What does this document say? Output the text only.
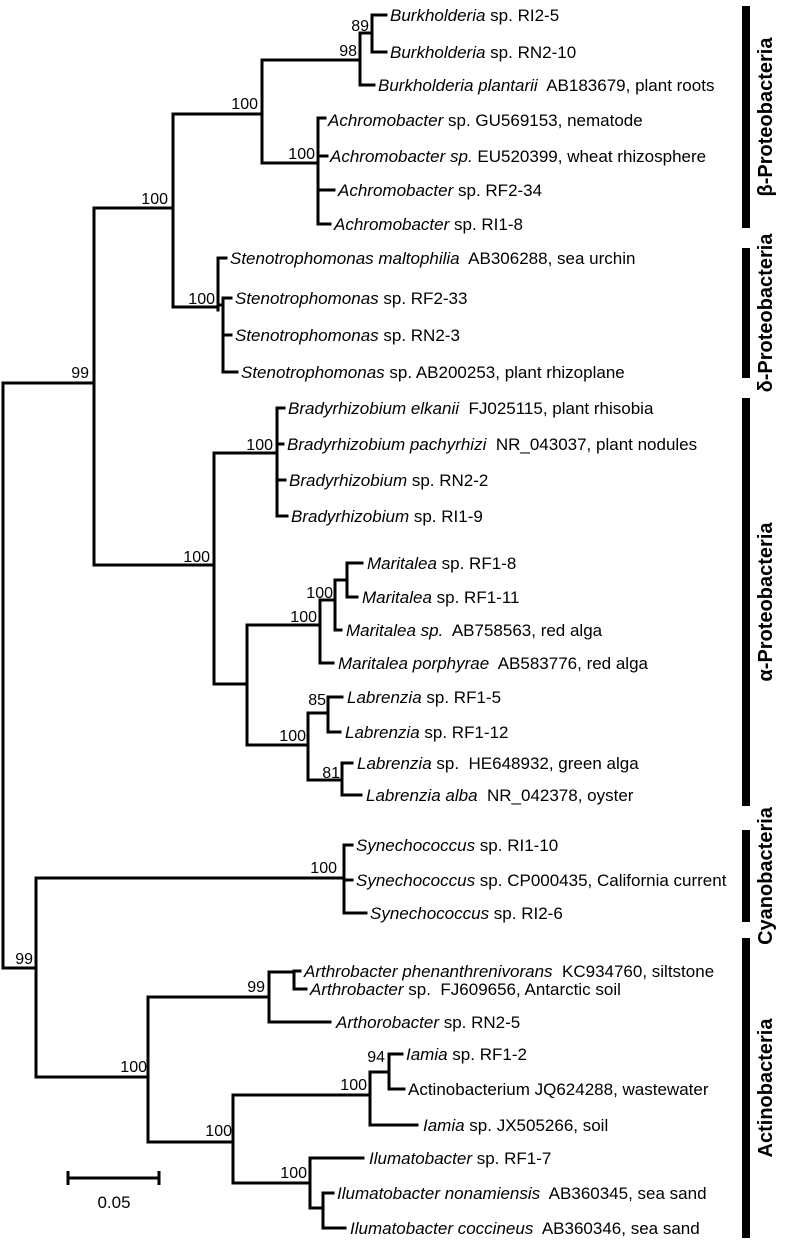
Burkholderia sp. RI2-5
Burkholderia sp. RN2-10
Burkholderia plantarii  AB183679, plant roots
Achromobacter sp. GU569153, nematode
Achromobacter sp. EU520399, wheat rhizosphere
Achromobacter sp. RF2-34
Achromobacter sp. RI1-8
Stenotrophomonas maltophilia  AB306288, sea urchin
Stenotrophomonas sp. RF2-33
Stenotrophomonas sp. RN2-3
Stenotrophomonas sp. AB200253, plant rhizoplane
Bradyrhizobium elkanii  FJ025115, plant rhisobia
Bradyrhizobium pachyrhizi  NR_043037, plant nodules
Bradyrhizobium sp. RN2-2
Bradyrhizobium sp. RI1-9
Maritalea sp. RF1-8
Maritalea sp. RF1-11
Maritalea sp.  AB758563, red alga
Maritalea porphyrae  AB583776, red alga
Labrenzia sp. RF1-5
Labrenzia sp. RF1-12
Labrenzia sp.  HE648932, green alga
Labrenzia alba  NR_042378, oyster
Synechococcus sp. RI1-10
Synechococcus sp. CP000435, California current
Synechococcus sp. RI2-6
Arthrobacter phenanthrenivorans  KC934760, siltstone
Arthrobacter sp.  FJ609656, Antarctic soil
Arthorobacter sp. RN2-5
Iamia sp. RF1-2
Actinobacterium JQ624288, wastewater
Iamia sp. JX505266, soil
Ilumatobacter sp. RF1-7
Ilumatobacter nonamiensis  AB360345, sea sand
Ilumatobacter coccineus  AB360346, sea sand
89
98
100
100
100
100
99
100
100
100
100
85
100
81
100
99
99
100
94
100
100
100
β-Proteobacteria
δ-Proteobacteria
α-Proteobacteria
Cyanobacteria
Actinobacteria
0.05
